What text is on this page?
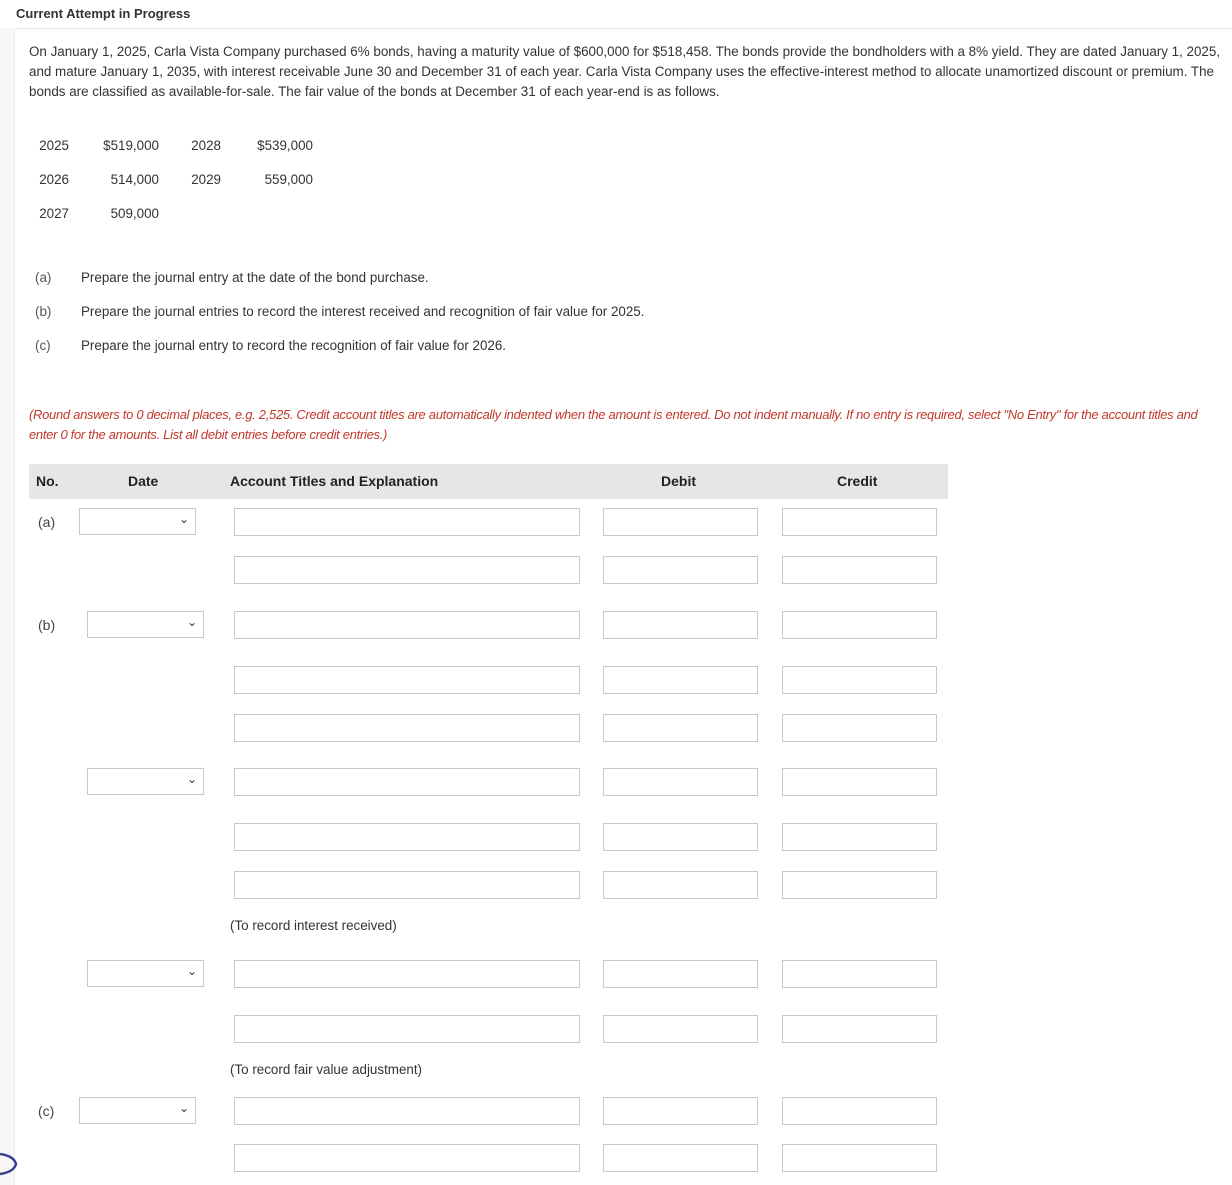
Current Attempt in Progress
On January 1, 2025, Carla Vista Company purchased 6% bonds, having a maturity value of $600,000 for $518,458. The bonds provide the bondholders with a 8% yield. They are dated January 1, 2025, and mature January 1, 2035, with interest receivable June 30 and December 31 of each year. Carla Vista Company uses the effective-interest method to allocate unamortized discount or premium. The bonds are classified as available-for-sale. The fair value of the bonds at December 31 of each year-end is as follows.
2025	$519,000	2028	$539,000
2026	514,000	2029	559,000
2027	509,000		
(a) Prepare the journal entry at the date of the bond purchase.
(b) Prepare the journal entries to record the interest received and recognition of fair value for 2025.
(c) Prepare the journal entry to record the recognition of fair value for 2026.
(Round answers to 0 decimal places, e.g. 2,525. Credit account titles are automatically indented when the amount is entered. Do not indent manually. If no entry is required, select "No Entry" for the account titles and enter 0 for the amounts. List all debit entries before credit entries.)
No.	Date	Account Titles and Explanation	Debit	Credit
(a)	⌄
(b)	⌄
⌄
(To record interest received)
⌄
(To record fair value adjustment)
(c)	⌄
